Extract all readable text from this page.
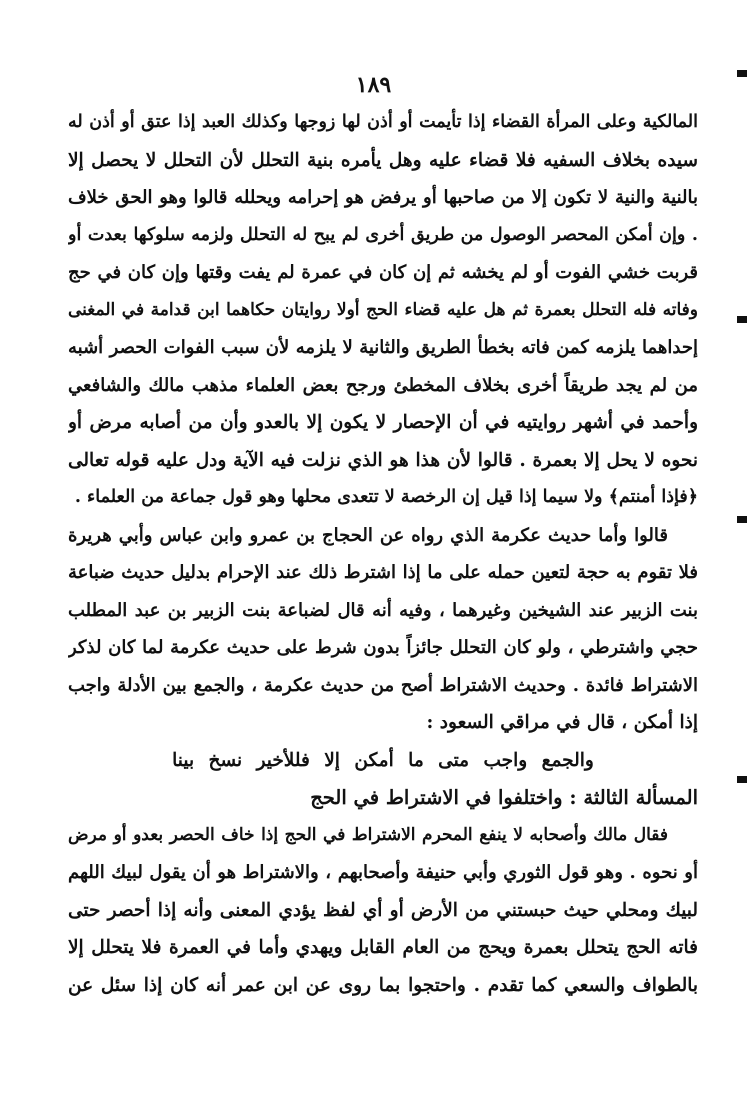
١٨٩
المالكية وعلى المرأة القضاء إذا تأيمت أو أذن لها زوجها وكذلك العبد إذا عتق أو أذن له
سيده بخلاف السفيه فلا قضاء عليه وهل يأمره بنية التحلل لأن التحلل لا يحصل إلا
بالنية والنية لا تكون إلا من صاحبها أو يرفض هو إحرامه ويحلله قالوا وهو الحق خلاف
. وإن أمكن المحصر الوصول من طريق أخرى لم يبح له التحلل ولزمه سلوكها بعدت أو
قربت خشي الفوت أو لم يخشه ثم إن كان في عمرة لم يفت وقتها وإن كان في حج
وفاته فله التحلل بعمرة ثم هل عليه قضاء الحج أولا روايتان حكاهما ابن قدامة في المغنى
إحداهما يلزمه كمن فاته بخطأ الطريق والثانية لا يلزمه لأن سبب الفوات الحصر أشبه
من لم يجد طريقاً أخرى بخلاف المخطئ ورجح بعض العلماء مذهب مالك والشافعي
وأحمد في أشهر روايتيه في أن الإحصار لا يكون إلا بالعدو وأن من أصابه مرض أو
نحوه لا يحل إلا بعمرة . قالوا لأن هذا هو الذي نزلت فيه الآية ودل عليه قوله تعالى
﴿فإذا أمنتم﴾ ولا سيما إذا قيل إن الرخصة لا تتعدى محلها وهو قول جماعة من العلماء .
قالوا وأما حديث عكرمة الذي رواه عن الحجاج بن عمرو وابن عباس وأبي هريرة
فلا تقوم به حجة لتعين حمله على ما إذا اشترط ذلك عند الإحرام بدليل حديث ضباعة
بنت الزبير عند الشيخين وغيرهما ، وفيه أنه قال لضباعة بنت الزبير بن عبد المطلب
حجي واشترطي ، ولو كان التحلل جائزاً بدون شرط على حديث عكرمة لما كان لذكر
الاشتراط فائدة . وحديث الاشتراط أصح من حديث عكرمة ، والجمع بين الأدلة واجب
إذا أمكن ، قال في مراقي السعود :
والجمع واجب متى ما أمكن إلا فللأخير نسخ بينا
المسألة الثالثة : واختلفوا في الاشتراط في الحج
فقال مالك وأصحابه لا ينفع المحرم الاشتراط في الحج إذا خاف الحصر بعدو أو مرض
أو نحوه . وهو قول الثوري وأبي حنيفة وأصحابهم ، والاشتراط هو أن يقول لبيك اللهم
لبيك ومحلي حيث حبستني من الأرض أو أي لفظ يؤدي المعنى وأنه إذا أحصر حتى
فاته الحج يتحلل بعمرة ويحج من العام القابل ويهدي وأما في العمرة فلا يتحلل إلا
بالطواف والسعي كما تقدم . واحتجوا بما روى عن ابن عمر أنه كان إذا سئل عن
